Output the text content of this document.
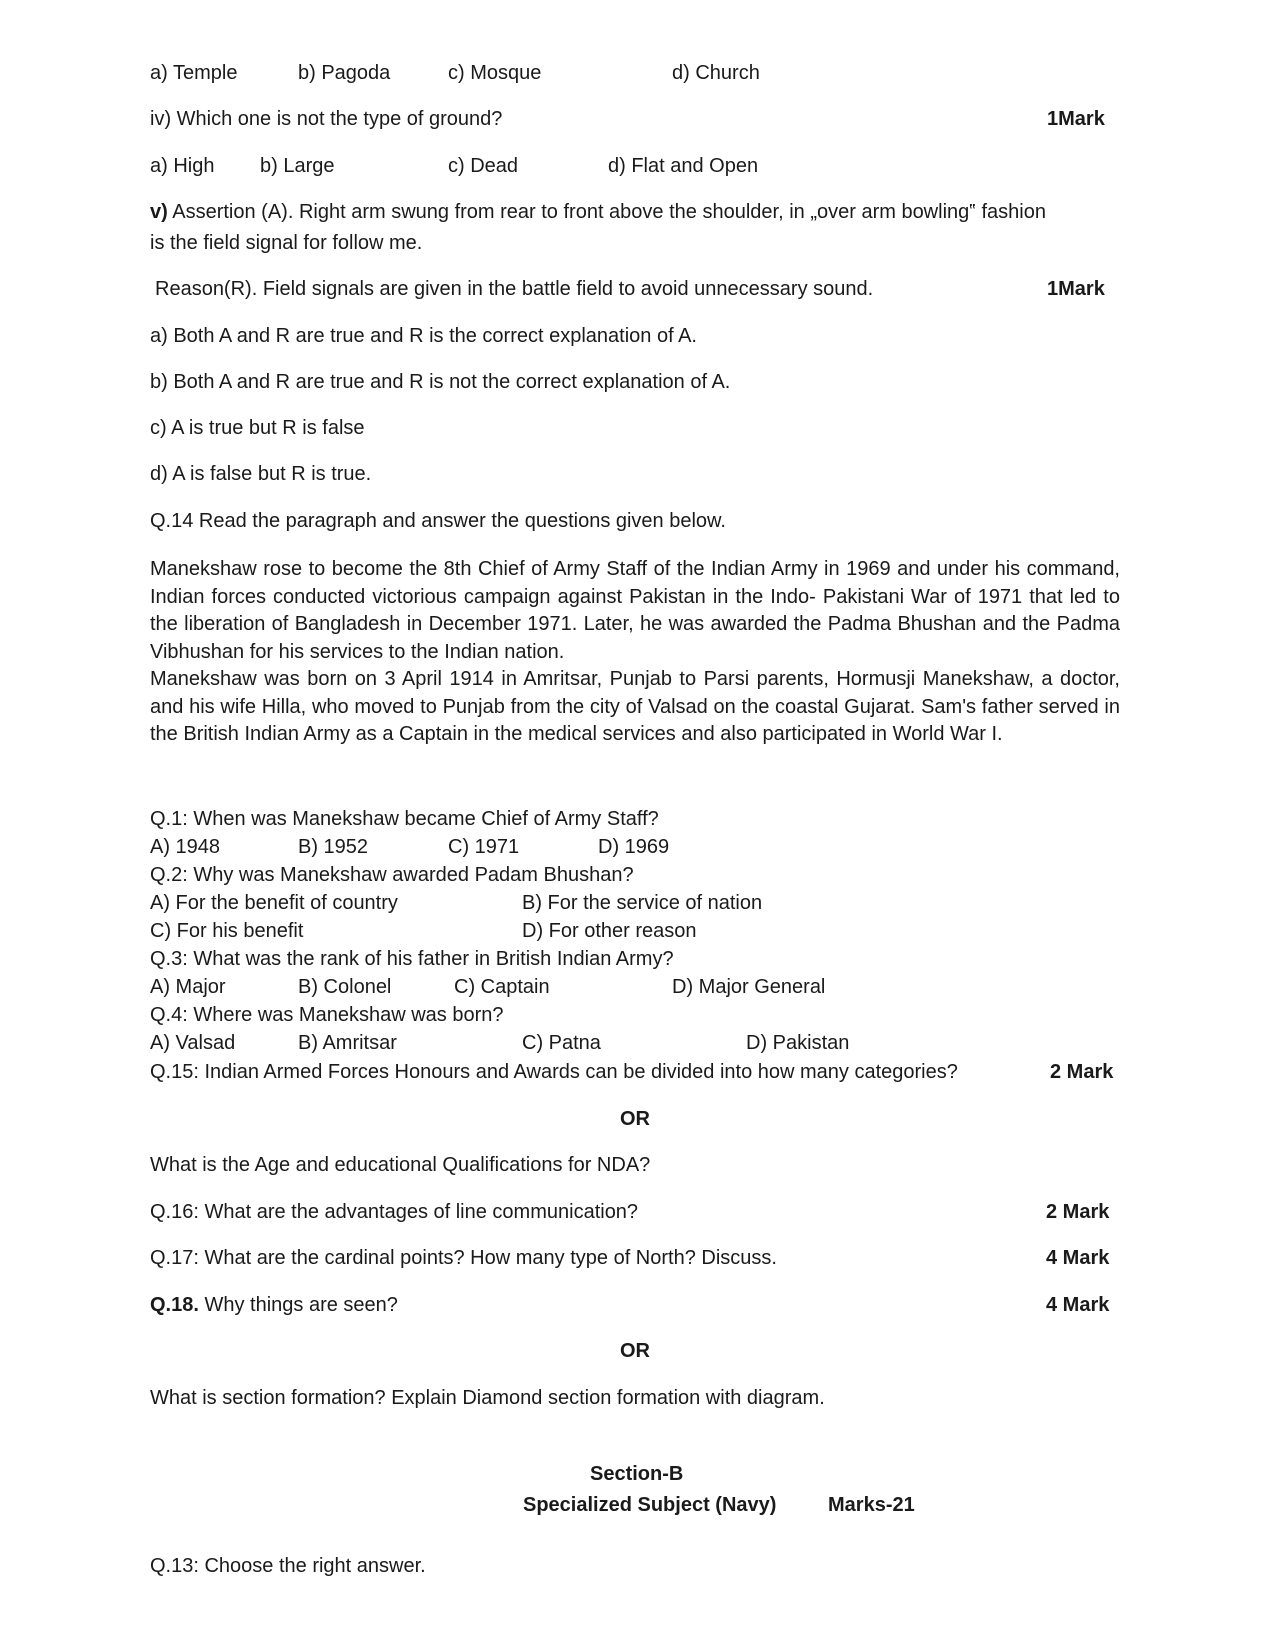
a) Temple	b) Pagoda	c) Mosque	d) Church
iv) Which one is not the type of ground?	1Mark
a) High b) Large	c) Dead	d) Flat and Open
v) Assertion (A). Right arm swung from rear to front above the shoulder, in „over arm bowling‟ fashion
is the field signal for follow me.
Reason(R). Field signals are given in the battle field to avoid unnecessary sound.	1Mark
a) Both A and R are true and R is the correct explanation of A.
b) Both A and R are true and R is not the correct explanation of A.
c) A is true but R is false
d) A is false but R is true.
Q.14 Read the paragraph and answer the questions given below.

Manekshaw rose to become the 8th Chief of Army Staff of the Indian Army in 1969 and under his command, Indian forces conducted victorious campaign against Pakistan in the Indo- Pakistani War of 1971 that led to the liberation of Bangladesh in December 1971. Later, he was awarded the Padma Bhushan and the Padma Vibhushan for his services to the Indian nation.

Manekshaw was born on 3 April 1914 in Amritsar, Punjab to Parsi parents, Hormusji Manekshaw, a doctor, and his wife Hilla, who moved to Punjab from the city of Valsad on the coastal Gujarat. Sam's father served in the British Indian Army as a Captain in the medical services and also participated in World War I.

Q.1: When was Manekshaw became Chief of Army Staff?
A) 1948	B) 1952	C) 1971	D) 1969
Q.2: Why was Manekshaw awarded Padam Bhushan?
A) For the benefit of country	B) For the service of nation
C) For his benefit	D) For other reason
Q.3: What was the rank of his father in British Indian Army?
A) Major	B) Colonel	C) Captain	D) Major General
Q.4: Where was Manekshaw was born?
A) Valsad	B) Amritsar	C) Patna	D) Pakistan
Q.15: Indian Armed Forces Honours and Awards can be divided into how many categories?	2 Mark
OR
What is the Age and educational Qualifications for NDA?
Q.16: What are the advantages of line communication?	2 Mark
Q.17: What are the cardinal points? How many type of North? Discuss.	4 Mark
Q.18. Why things are seen?	4 Mark
OR
What is section formation? Explain Diamond section formation with diagram.
Section-B
Specialized Subject (Navy)	Marks-21
Q.13: Choose the right answer.
